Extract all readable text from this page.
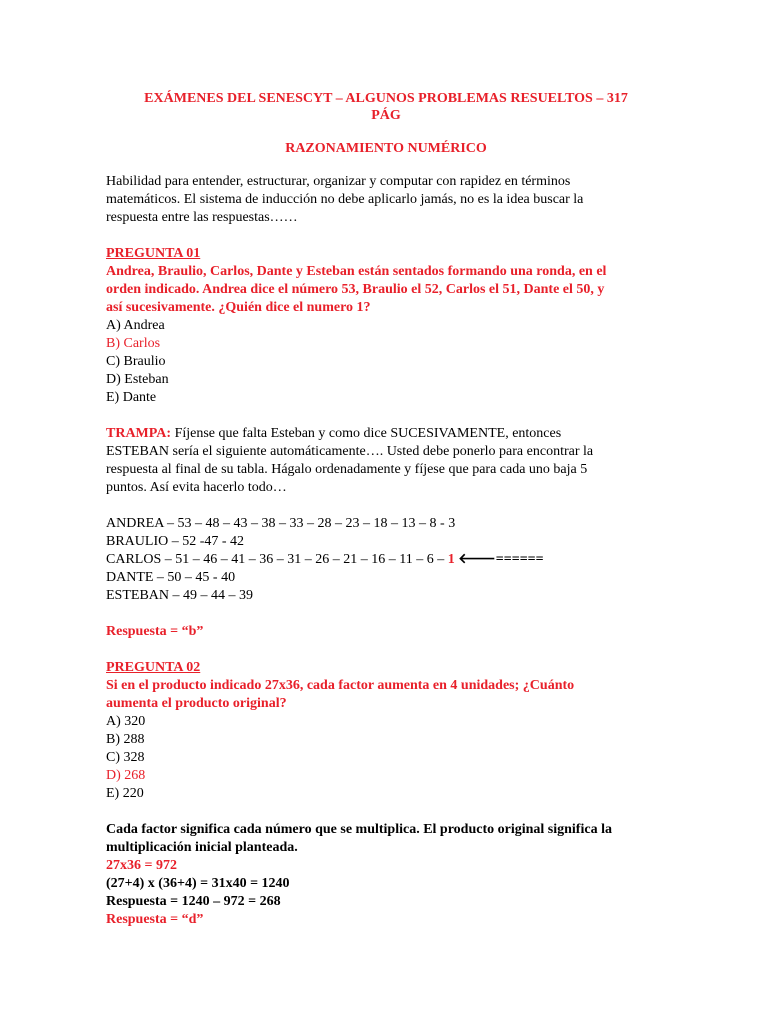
EXÁMENES DEL SENESCYT – ALGUNOS PROBLEMAS RESUELTOS – 317
PÁG
RAZONAMIENTO NUMÉRICO

Habilidad para entender, estructurar, organizar y computar con rapidez en términos

matemáticos. El sistema de inducción no debe aplicarlo jamás, no es la idea buscar la

respuesta entre las respuestas……

PREGUNTA 01

Andrea, Braulio, Carlos, Dante y Esteban están sentados formando una ronda, en el

orden indicado. Andrea dice el número 53, Braulio el 52, Carlos el 51, Dante el 50, y

así sucesivamente. ¿Quién dice el numero 1?

A) Andrea

B) Carlos

C) Braulio

D) Esteban

E) Dante

TRAMPA: Fíjense que falta Esteban y como dice SUCESIVAMENTE, entonces

ESTEBAN sería el siguiente automáticamente…. Usted debe ponerlo para encontrar la

respuesta al final de su tabla. Hágalo ordenadamente y fíjese que para cada uno baja 5

puntos. Así evita hacerlo todo…

ANDREA – 53 – 48 – 43 – 38 – 33 – 28 – 23 – 18 – 13 – 8 - 3

BRAULIO – 52 -47 - 42

CARLOS – 51 – 46 – 41 – 36 – 31 – 26 – 21 – 16 – 11 – 6 – 1 🡐======

DANTE – 50 – 45 - 40

ESTEBAN – 49 – 44 – 39

Respuesta = “b”

PREGUNTA 02

Si en el producto indicado 27x36, cada factor aumenta en 4 unidades; ¿Cuánto

aumenta el producto original?

A) 320

B) 288

C) 328

D) 268

E) 220

Cada factor significa cada número que se multiplica. El producto original significa la

multiplicación inicial planteada.

27x36 = 972

(27+4) x (36+4) = 31x40 = 1240

Respuesta = 1240 – 972 = 268

Respuesta = “d”
